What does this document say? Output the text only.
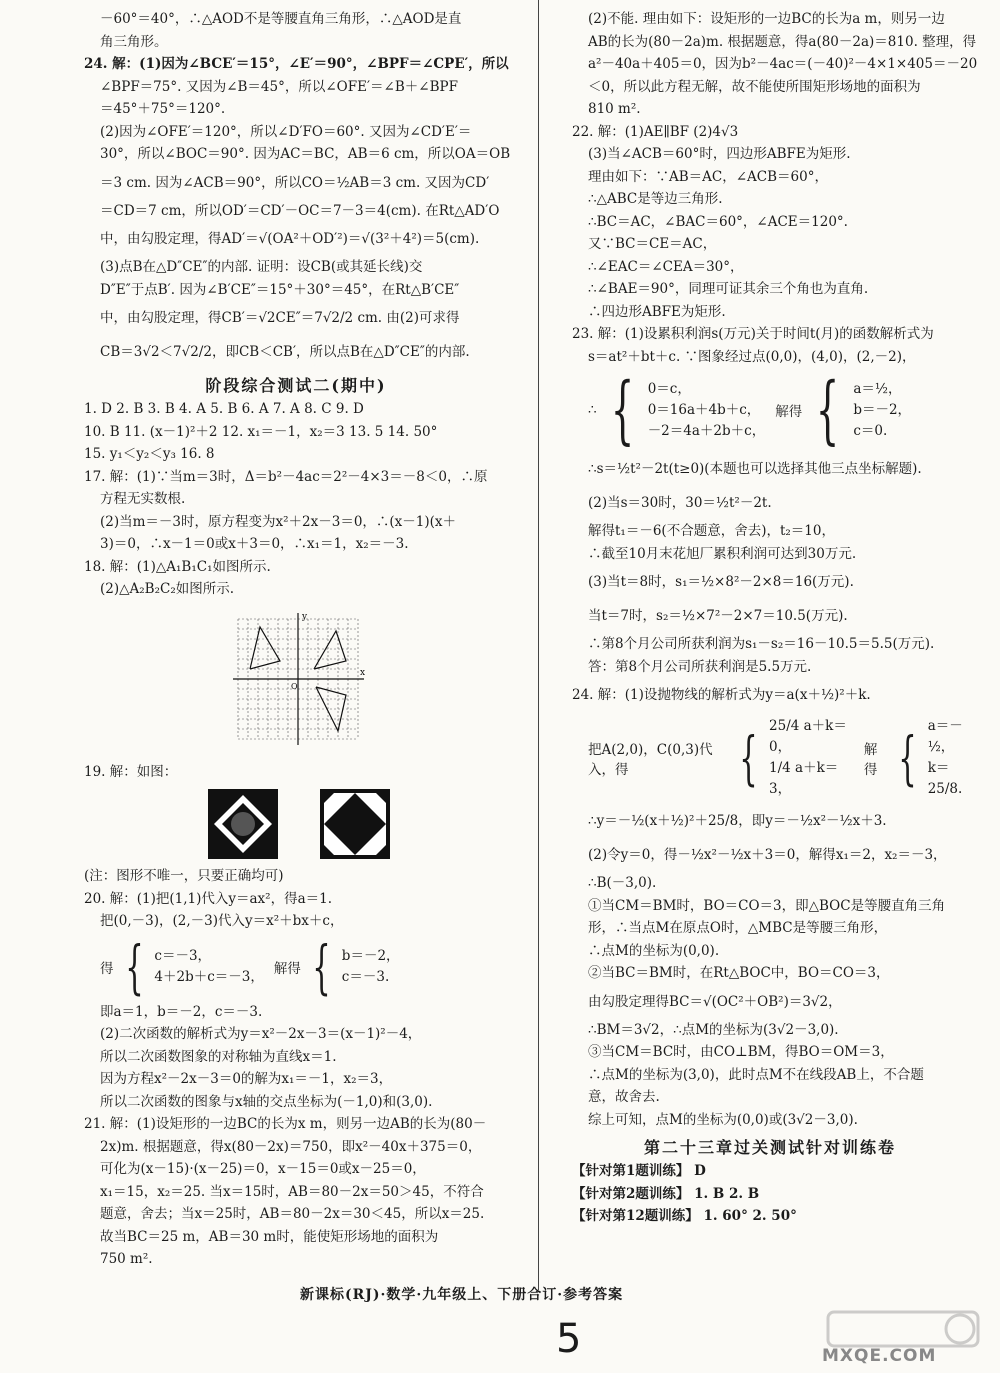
－60°＝40°，∴△AOD不是等腰直角三角形，∴△AOD是直

角三角形。

24. 解：(1)因为∠BCE′＝15°，∠E′＝90°，∠BPF＝∠CPE′，所以

∠BPF＝75°. 又因为∠B＝45°，所以∠OFE′＝∠B＋∠BPF

＝45°＋75°＝120°.

(2)因为∠OFE′＝120°，所以∠D′FO＝60°. 又因为∠CD′E′＝

30°，所以∠BOC＝90°. 因为AC＝BC，AB＝6 cm，所以OA＝OB

＝3 cm. 因为∠ACB＝90°，所以CO＝½AB＝3 cm. 又因为CD′

＝CD＝7 cm，所以OD′＝CD′－OC＝7－3＝4(cm). 在Rt△AD′O

中，由勾股定理，得AD′＝√(OA²＋OD′²)＝√(3²＋4²)＝5(cm).

(3)点B在△D″CE″的内部. 证明：设CB(或其延长线)交

D″E″于点B′. 因为∠B′CE″＝15°＋30°＝45°，在Rt△B′CE″

中，由勾股定理，得CB′＝√2CE″＝7√2/2 cm. 由(2)可求得

CB＝3√2＜7√2/2，即CB＜CB′，所以点B在△D″CE″的内部.

阶段综合测试二(期中)

1. D 2. B 3. B 4. A 5. B 6. A 7. A 8. C 9. D

10. B 11. (x－1)²＋2 12. x₁＝－1，x₂＝3 13. 5 14. 50°

15. y₁＜y₂＜y₃ 16. 8

17. 解：(1)∵当m＝3时，Δ＝b²－4ac＝2²－4×3＝－8＜0，∴原

方程无实数根.

(2)当m＝－3时，原方程变为x²＋2x－3＝0，∴(x－1)(x＋

3)＝0，∴x－1＝0或x＋3＝0，∴x₁＝1，x₂＝－3.

18. 解：(1)△A₁B₁C₁如图所示.

(2)△A₂B₂C₂如图所示.

y
x
O

19. 解：如图：

(注：图形不唯一，只要正确均可)

20. 解：(1)把(1,1)代入y＝ax²，得a＝1.

把(0,－3)，(2,－3)代入y＝x²＋bx＋c，

得 { c＝－3，

4＋2b＋c＝－3， 解得 { b＝－2，

c＝－3.

即a＝1，b＝－2，c＝－3.

(2)二次函数的解析式为y＝x²－2x－3＝(x－1)²－4，

所以二次函数图象的对称轴为直线x＝1.

因为方程x²－2x－3＝0的解为x₁＝－1，x₂＝3，

所以二次函数的图象与x轴的交点坐标为(－1,0)和(3,0).

21. 解：(1)设矩形的一边BC的长为x m，则另一边AB的长为(80－

2x)m. 根据题意，得x(80－2x)＝750，即x²－40x＋375＝0，

可化为(x－15)·(x－25)＝0，x－15＝0或x－25＝0，

x₁＝15，x₂＝25. 当x＝15时，AB＝80－2x＝50＞45，不符合

题意，舍去；当x＝25时，AB＝80－2x＝30＜45，所以x＝25.

故当BC＝25 m，AB＝30 m时，能使矩形场地的面积为

750 m².

(2)不能. 理由如下：设矩形的一边BC的长为a m，则另一边

AB的长为(80－2a)m. 根据题意，得a(80－2a)＝810. 整理，得

a²－40a＋405＝0，因为b²－4ac＝(－40)²－4×1×405＝－20

＜0，所以此方程无解，故不能使所围矩形场地的面积为

810 m².

22. 解：(1)AE∥BF (2)4√3

(3)当∠ACB＝60°时，四边形ABFE为矩形.

理由如下：∵AB＝AC，∠ACB＝60°，

∴△ABC是等边三角形.

∴BC＝AC，∠BAC＝60°，∠ACE＝120°.

又∵BC＝CE＝AC，

∴∠EAC＝∠CEA＝30°，

∴∠BAE＝90°，同理可证其余三个角也为直角.

∴四边形ABFE为矩形.

23. 解：(1)设累积利润s(万元)关于时间t(月)的函数解析式为

s＝at²＋bt＋c. ∵图象经过点(0,0)，(4,0)，(2,－2)，

∴ { 0＝c，

0＝16a＋4b＋c，

－2＝4a＋2b＋c，

解得 { a＝½，

b＝－2，

c＝0.

∴s＝½t²－2t(t≥0)(本题也可以选择其他三点坐标解题).

(2)当s＝30时，30＝½t²－2t.

解得t₁＝－6(不合题意，舍去)，t₂＝10，

∴截至10月末花旭厂累积利润可达到30万元.

(3)当t＝8时，s₁＝½×8²－2×8＝16(万元).

当t＝7时，s₂＝½×7²－2×7＝10.5(万元).

∴第8个月公司所获利润为s₁－s₂＝16－10.5＝5.5(万元).

答：第8个月公司所获利润是5.5万元.

24. 解：(1)设抛物线的解析式为y＝a(x＋½)²＋k.

把A(2,0)，C(0,3)代入，得	{ 25/4 a＋k＝0，

1/4 a＋k＝3，

解得 { a＝－½，

k＝25/8.

∴y＝－½(x＋½)²＋25/8，即y＝－½x²－½x＋3.

(2)令y＝0，得－½x²－½x＋3＝0，解得x₁＝2，x₂＝－3，

∴B(－3,0).

①当CM＝BM时，BO＝CO＝3，即△BOC是等腰直角三角

形，∴当点M在原点O时，△MBC是等腰三角形，

∴点M的坐标为(0,0).

②当BC＝BM时，在Rt△BOC中，BO＝CO＝3，

由勾股定理得BC＝√(OC²＋OB²)＝3√2，

∴BM＝3√2，∴点M的坐标为(3√2－3,0).

③当CM＝BC时，由CO⊥BM，得BO＝OM＝3，

∴点M的坐标为(3,0)，此时点M不在线段AB上，不合题

意，故舍去.

综上可知，点M的坐标为(0,0)或(3√2－3,0).

第二十三章过关测试针对训练卷

【针对第1题训练】 D

【针对第2题训练】 1. B 2. B

【针对第12题训练】 1. 60° 2. 50°

新课标(RJ)·数学·九年级上、下册合订·参考答案
5	MXQE.COM
